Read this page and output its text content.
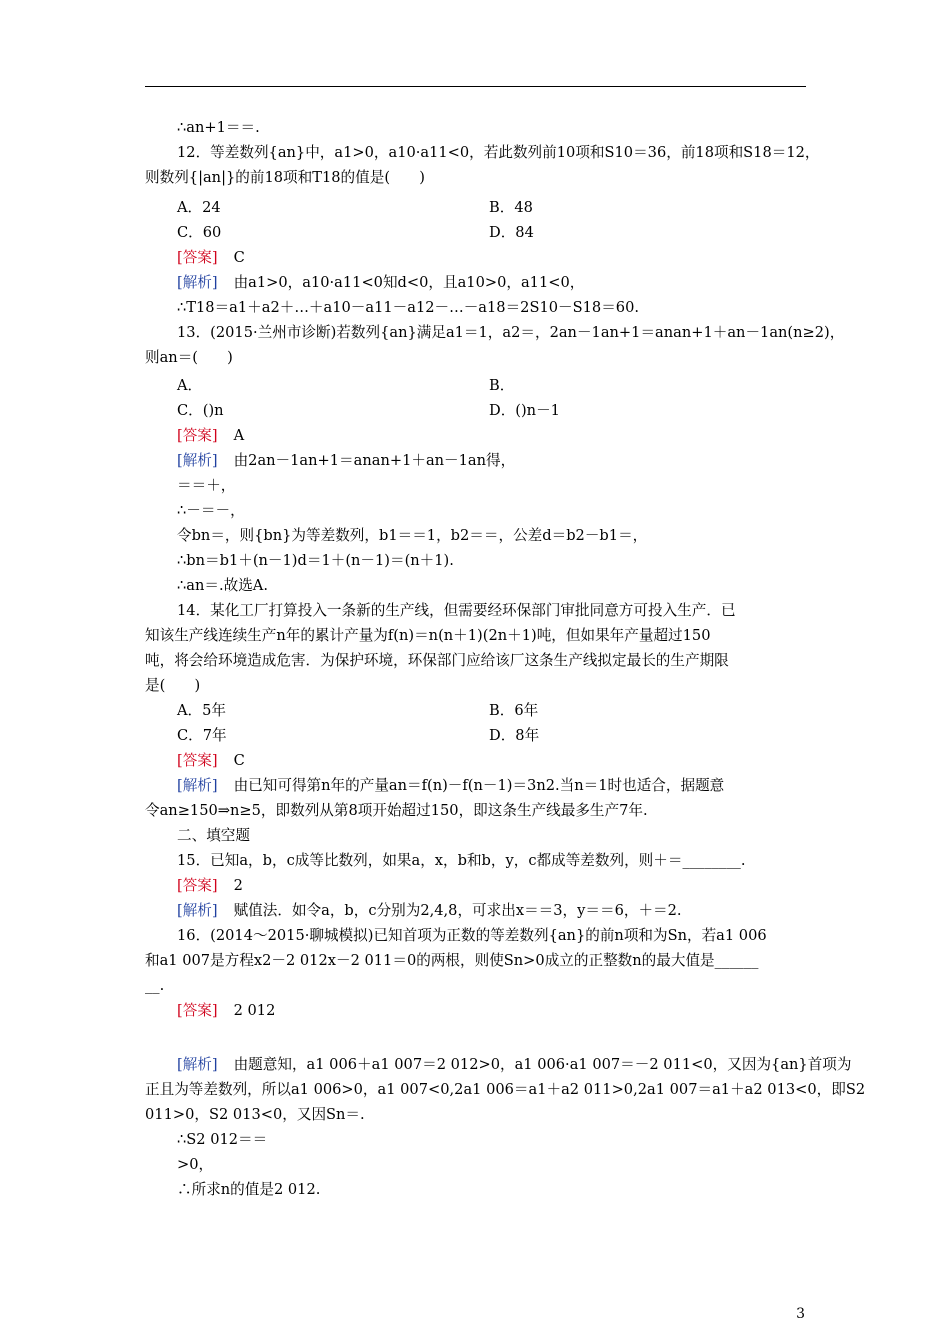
∴an+1＝＝.
12．等差数列{an}中，a1>0，a10·a11<0，若此数列前10项和S10＝36，前18项和S18＝12，
则数列{|an|}的前18项和T18的值是(　　)
A．24	B．48
C．60	D．84
[答案] C
[解析] 由a1>0，a10·a11<0知d<0，且a10>0，a11<0，
∴T18＝a1＋a2＋…＋a10－a11－a12－…－a18＝2S10－S18＝60.
13．(2015·兰州市诊断)若数列{an}满足a1＝1，a2＝，2an－1an+1＝anan+1＋an－1an(n≥2)，
则an＝(　　)
A．	B．
C．()n	D．()n－1
[答案] A
[解析] 由2an－1an+1＝anan+1＋an－1an得，
＝＝＋，
∴－＝－，
令bn＝，则{bn}为等差数列，b1＝＝1，b2＝＝，公差d＝b2－b1＝，
∴bn＝b1＋(n－1)d＝1＋(n－1)＝(n＋1).
∴an＝.故选A.
14．某化工厂打算投入一条新的生产线，但需要经环保部门审批同意方可投入生产．已
知该生产线连续生产n年的累计产量为f(n)＝n(n＋1)(2n＋1)吨，但如果年产量超过150
吨，将会给环境造成危害．为保护环境，环保部门应给该厂这条生产线拟定最长的生产期限
是(　　)
A．5年	B．6年
C．7年	D．8年
[答案] C
[解析] 由已知可得第n年的产量an＝f(n)－f(n－1)＝3n2.当n＝1时也适合，据题意
令an≥150⇒n≥5，即数列从第8项开始超过150，即这条生产线最多生产7年.
二、填空题
15．已知a，b，c成等比数列，如果a，x，b和b，y，c都成等差数列，则＋＝________.
[答案] 2
[解析] 赋值法．如令a，b，c分别为2,4,8，可求出x＝＝3，y＝＝6，＋＝2.
16．(2014～2015·聊城模拟)已知首项为正数的等差数列{an}的前n项和为Sn，若a1 006
和a1 007是方程x2－2 012x－2 011＝0的两根，则使Sn>0成立的正整数n的最大值是______
__.
[答案] 2 012
[解析] 由题意知，a1 006＋a1 007＝2 012>0，a1 006·a1 007＝－2 011<0，又因为{an}首项为
正且为等差数列，所以a1 006>0，a1 007<0,2a1 006＝a1＋a2 011>0,2a1 007＝a1＋a2 013<0，即S2
011>0，S2 013<0，又因Sn＝.
∴S2 012＝＝
>0，
∴所求n的值是2 012.
3
